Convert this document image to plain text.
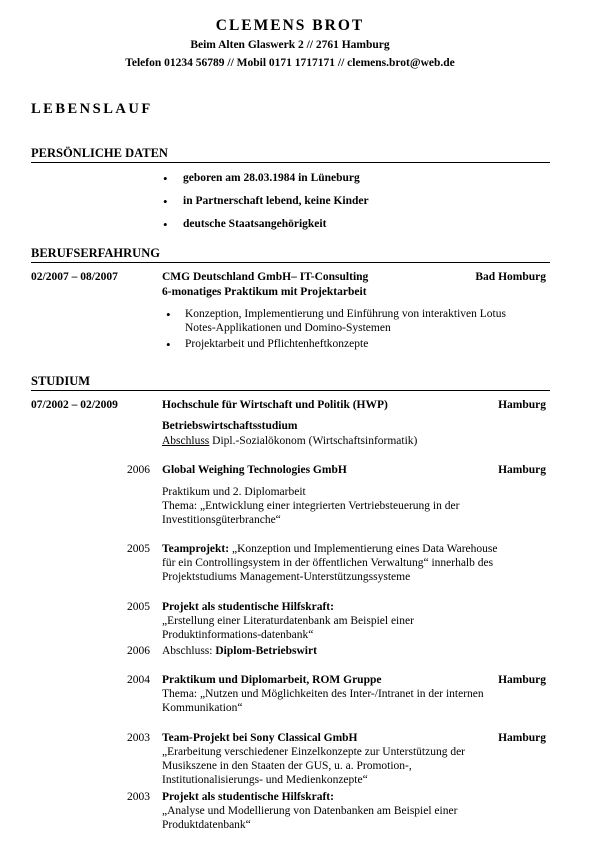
CLEMENS BROT
Beim Alten Glaswerk 2 // 2761 Hamburg
Telefon 01234 56789 // Mobil 0171 1717171 // clemens.brot@web.de
LEBENSLAUF
PERSÖNLICHE DATEN
• geboren am 28.03.1984 in Lüneburg
• in Partnerschaft lebend, keine Kinder
• deutsche Staatsangehörigkeit
BERUFSERFAHRUNG
02/2007 – 08/2007	CMG Deutschland GmbH– IT-Consulting	Bad Homburg
6-monatiges Praktikum mit Projektarbeit
• Konzeption, Implementierung und Einführung von interaktiven Lotus
Notes-Applikationen und Domino-Systemen
• Projektarbeit und Pflichtenheftkonzepte
STUDIUM
07/2002 – 02/2009	Hochschule für Wirtschaft und Politik (HWP)	Hamburg
Betriebswirtschaftsstudium
Abschluss Dipl.-Sozialökonom (Wirtschaftsinformatik)
2006 Global Weighing Technologies GmbH	Hamburg
Praktikum und 2. Diplomarbeit
Thema: „Entwicklung einer integrierten Vertriebsteuerung in der
Investitionsgüterbranche“
2005 Teamprojekt: „Konzeption und Implementierung eines Data Warehouse
für ein Controllingsystem in der öffentlichen Verwaltung“ innerhalb des
Projektstudiums Management-Unterstützungssysteme
2005 Projekt als studentische Hilfskraft:
„Erstellung einer Literaturdatenbank am Beispiel einer
Produktinformations-datenbank“
2006 Abschluss: Diplom-Betriebswirt
2004 Praktikum und Diplomarbeit, ROM Gruppe	Hamburg
Thema: „Nutzen und Möglichkeiten des Inter-/Intranet in der internen
Kommunikation“
2003 Team-Projekt bei Sony Classical GmbH	Hamburg
„Erarbeitung verschiedener Einzelkonzepte zur Unterstützung der
Musikszene in den Staaten der GUS, u. a. Promotion-,
Institutionalisierungs- und Medienkonzepte“
2003 Projekt als studentische Hilfskraft:
„Analyse und Modellierung von Datenbanken am Beispiel einer
Produktdatenbank“
